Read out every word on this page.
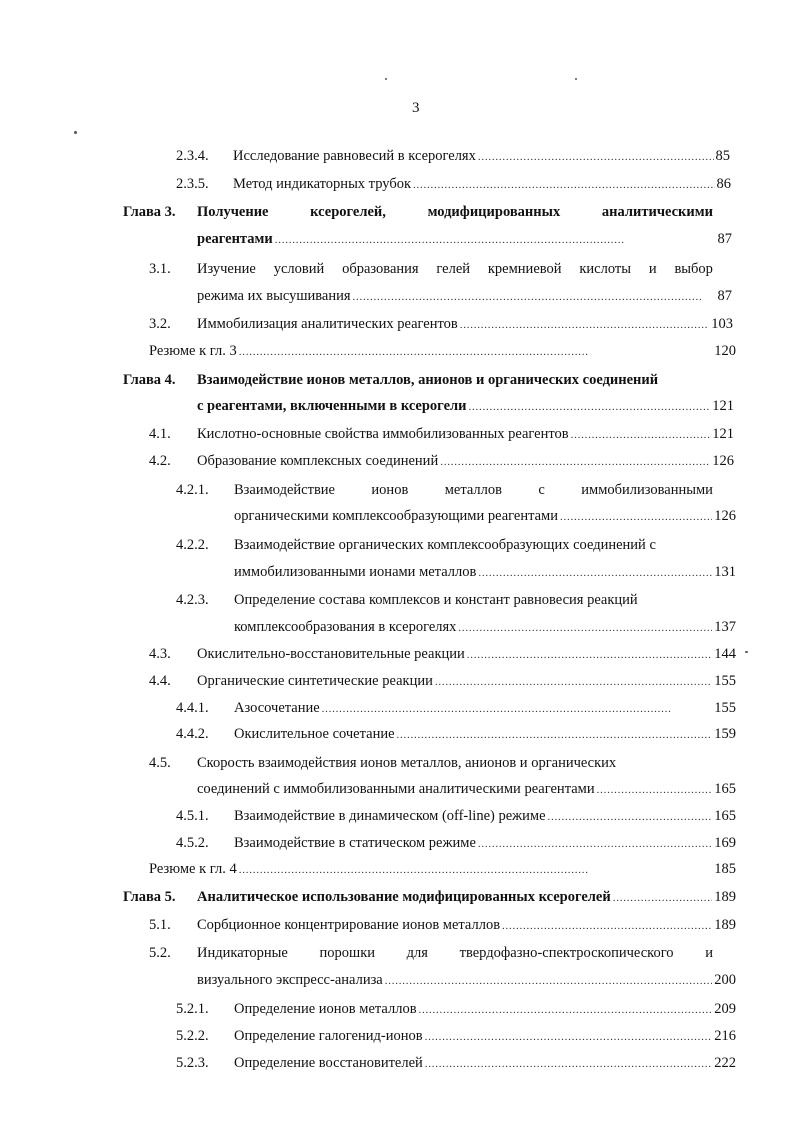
3
2.3.4. Исследование равновесий в ксерогелях . . .	85
2.3.5. Метод индикаторных трубок . . .	86
Глава 3. Получение	ксерогелей,	модифицированных	аналитическими
реагентами . . .	87
3.1. Изучение условий образования гелей кремниевой кислоты и выбор
режима их высушивания . . .	87
3.2. Иммобилизация аналитических реагентов . . .	103
Резюме к гл. 3 . . .	120
Глава 4. Взаимодействие ионов металлов, анионов и органических соединений
с реагентами, включенными в ксерогели . . .	121
4.1. Кислотно-основные свойства иммобилизованных реагентов . . .	121
4.2. Образование комплексных соединений . . .	126
4.2.1. Взаимодействие	ионов	металлов	с	иммобилизованными
органическими комплексообразующими реагентами . . .	126
4.2.2. Взаимодействие органических комплексообразующих соединений с
иммобилизованными ионами металлов . . .	131
4.2.3. Определение состава комплексов и констант равновесия реакций
комплексообразования в ксерогелях . . .	137
4.3. Окислительно-восстановительные реакции . . .	144
4.4. Органические синтетические реакции . . .	155
4.4.1. Азосочетание . . .	155
4.4.2. Окислительное сочетание . . .	159
4.5. Скорость взаимодействия ионов металлов, анионов и органических
соединений с иммобилизованными аналитическими реагентами . . .	165
4.5.1. Взаимодействие в динамическом (off-line) режиме . . .	165
4.5.2. Взаимодействие в статическом режиме . . .	169
Резюме к гл. 4 . . .	185
Глава 5. Аналитическое использование модифицированных ксерогелей . . .	189
5.1. Сорбционное концентрирование ионов металлов . . .	189
5.2. Индикаторные порошки для твердофазно-спектроскопического и
визуального экспресс-анализа . . .	200
5.2.1. Определение ионов металлов . . .	209
5.2.2. Определение галогенид-ионов . . .	216
5.2.3. Определение восстановителей . . .	222
